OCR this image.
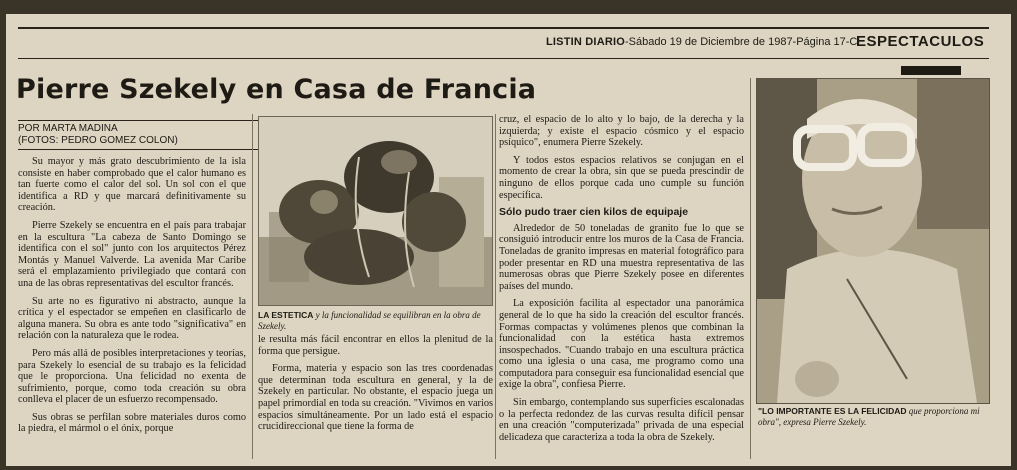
LISTIN DIARIO-Sábado 19 de Diciembre de 1987-Página 17-C
ESPECTACULOS
Pierre Szekely en Casa de Francia
POR MARTA MADINA
(FOTOS: PEDRO GOMEZ COLON)

Su mayor y más grato descubrimiento de la isla consiste en haber comprobado que el calor humano es tan fuerte como el calor del sol. Un sol con el que identifica a RD y que marcará definitivamente su creación.

Pierre Szekely se encuentra en el país para trabajar en la escultura "La cabeza de Santo Domingo se identifica con el sol" junto con los arquitectos Pérez Montás y Manuel Valverde. La avenida Mar Caribe será el emplazamiento privilegiado que contará con una de las obras representativas del escultor francés.

Su arte no es figurativo ni abstracto, aunque la crítica y el espectador se empeñen en clasificarlo de alguna manera. Su obra es ante todo "significativa" en relación con la naturaleza que le rodea.

Pero más allá de posibles interpretaciones y teorías, para Szekely lo esencial de su trabajo es la felicidad que le proporciona. Una felicidad no exenta de sufrimiento, porque, como toda creación su obra conlleva el placer de un esfuerzo recompensado.

Sus obras se perfilan sobre materiales duros como la piedra, el mármol o el ónix, porque

LA ESTETICA y la funcionalidad se equilibran en la obra de Szekely.

le resulta más fácil encontrar en ellos la plenitud de la forma que persigue.

Forma, materia y espacio son las tres coordenadas que determinan toda escultura en general, y la de Szekely en particular. No obstante, el espacio juega un papel primordial en toda su creación. "Vivimos en varios espacios simultáneamente. Por un lado está el espacio crucidireccional que tiene la forma de

cruz, el espacio de lo alto y lo bajo, de la derecha y la izquierda; y existe el espacio cósmico y el espacio psíquico", enumera Pierre Szekely.

Y todos estos espacios relativos se conjugan en el momento de crear la obra, sin que se pueda prescindir de ninguno de ellos porque cada uno cumple su función específica.

Sólo pudo traer cien kilos de equipaje

Alrededor de 50 toneladas de granito fue lo que se consiguió introducir entre los muros de la Casa de Francia. Toneladas de granito impresas en material fotográfico para poder presentar en RD una muestra representativa de las numerosas obras que Pierre Szekely posee en diferentes países del mundo.

La exposición facilita al espectador una panorámica general de lo que ha sido la creación del escultor francés. Formas compactas y volúmenes plenos que combinan la funcionalidad con la estética hasta extremos insospechados. "Cuando trabajo en una escultura práctica como una iglesia o una casa, me programo como una computadora para conseguir esa funcionalidad esencial que exige la obra", confiesa Pierre.

Sin embargo, contemplando sus superficies escalonadas o la perfecta redondez de las curvas resulta difícil pensar en una creación "computerizada" privada de una especial delicadeza que caracteriza a toda la obra de Szekely.

"LO IMPORTANTE ES LA FELICIDAD que proporciona mi obra", expresa Pierre Szekely.
